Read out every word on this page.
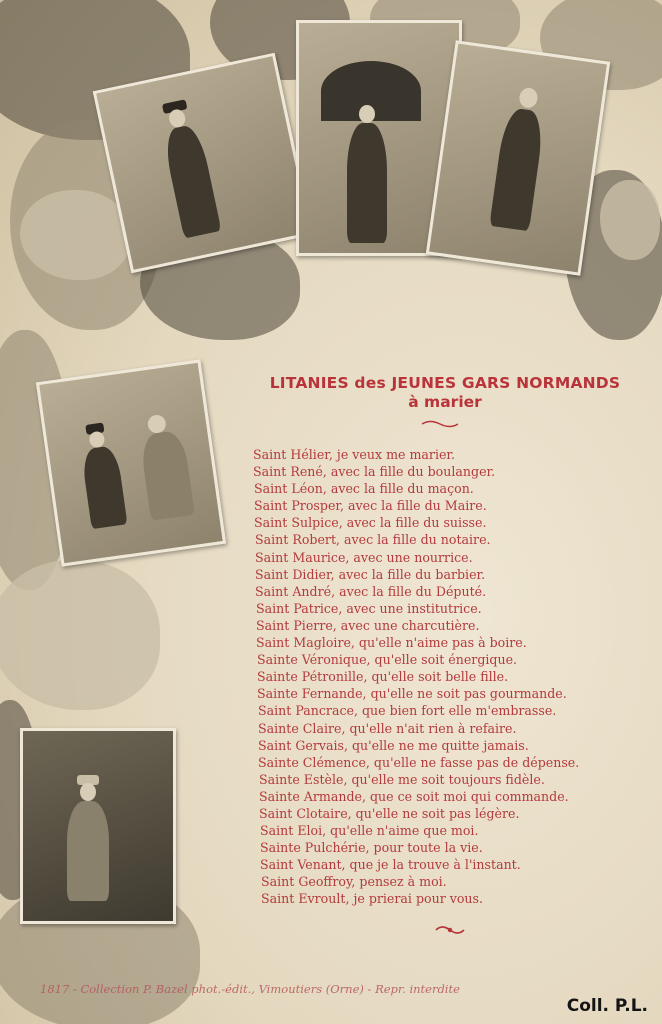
LITANIES des JEUNES GARS NORMANDS
à marier
Saint Hélier, je veux me marier.
Saint René, avec la fille du boulanger.
Saint Léon, avec la fille du maçon.
Saint Prosper, avec la fille du Maire.
Saint Sulpice, avec la fille du suisse.
Saint Robert, avec la fille du notaire.
Saint Maurice, avec une nourrice.
Saint Didier, avec la fille du barbier.
Saint André, avec la fille du Député.
Saint Patrice, avec une institutrice.
Saint Pierre, avec une charcutière.
Saint Magloire, qu'elle n'aime pas à boire.
Sainte Véronique, qu'elle soit énergique.
Sainte Pétronille, qu'elle soit belle fille.
Sainte Fernande, qu'elle ne soit pas gourmande.
Saint Pancrace, que bien fort elle m'embrasse.
Sainte Claire, qu'elle n'ait rien à refaire.
Saint Gervais, qu'elle ne me quitte jamais.
Sainte Clémence, qu'elle ne fasse pas de dépense.
Sainte Estèle, qu'elle me soit toujours fidèle.
Sainte Armande, que ce soit moi qui commande.
Saint Clotaire, qu'elle ne soit pas légère.
Saint Eloi, qu'elle n'aime que moi.
Sainte Pulchérie, pour toute la vie.
Saint Venant, que je la trouve à l'instant.
Saint Geoffroy, pensez à moi.
Saint Evroult, je prierai pour vous.
1817 - Collection P. Bazel phot.-édit., Vimoutiers (Orne) - Repr. interdite
Coll. P.L.
